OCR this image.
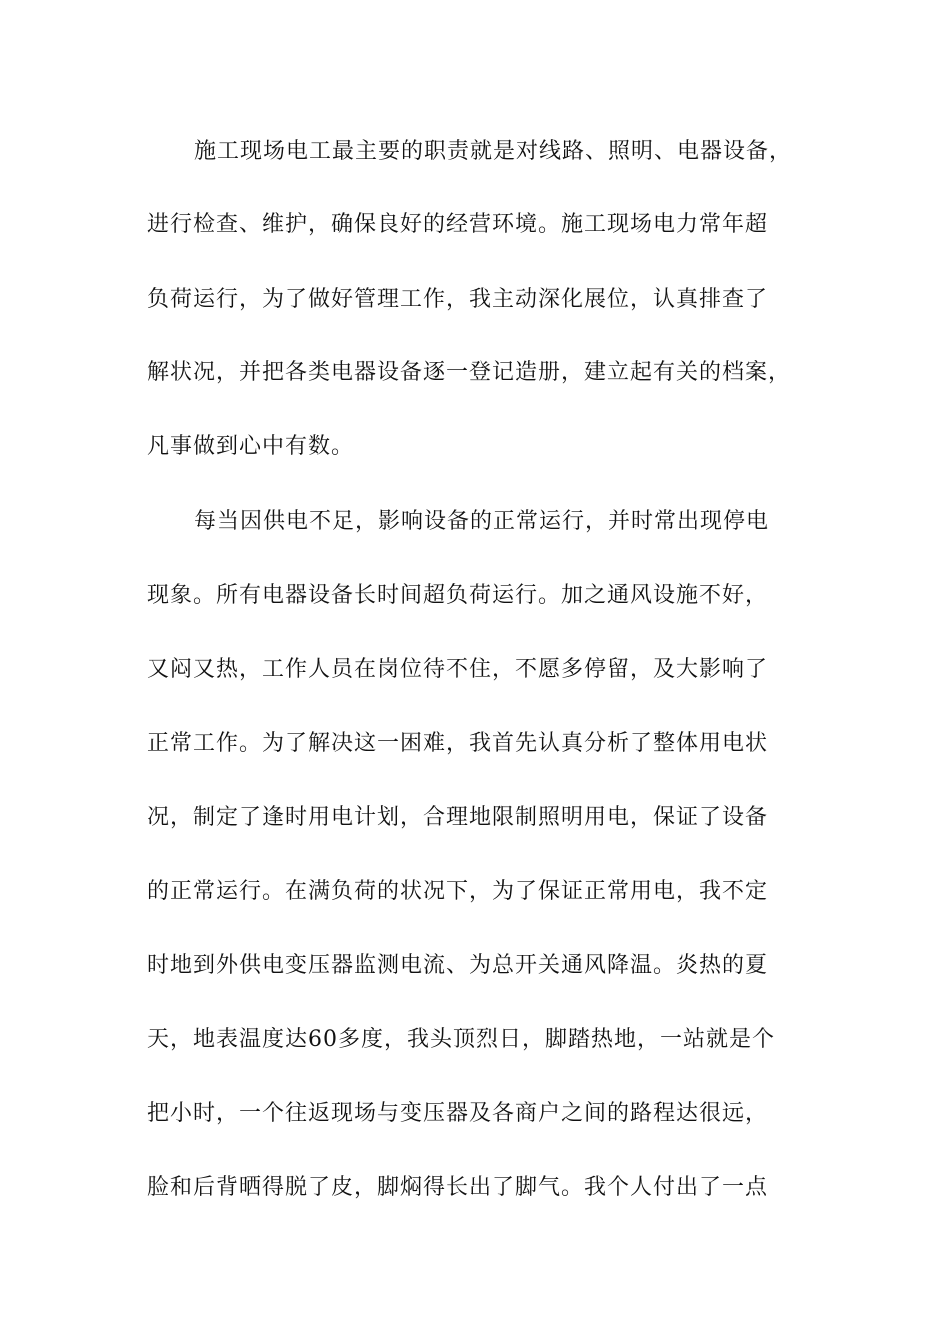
施工现场电工最主要的职责就是对线路、照明、电器设备，
进行检查、维护，确保良好的经营环境。施工现场电力常年超
负荷运行，为了做好管理工作，我主动深化展位，认真排查了
解状况，并把各类电器设备逐一登记造册，建立起有关的档案，
凡事做到心中有数。
每当因供电不足，影响设备的正常运行，并时常出现停电
现象。所有电器设备长时间超负荷运行。加之通风设施不好，
又闷又热，工作人员在岗位待不住，不愿多停留，及大影响了
正常工作。为了解决这一困难，我首先认真分析了整体用电状
况，制定了逢时用电计划，合理地限制照明用电，保证了设备
的正常运行。在满负荷的状况下，为了保证正常用电，我不定
时地到外供电变压器监测电流、为总开关通风降温。炎热的夏
天，地表温度达60多度，我头顶烈日，脚踏热地，一站就是个
把小时，一个往返现场与变压器及各商户之间的路程达很远，
脸和后背晒得脱了皮，脚焖得长出了脚气。我个人付出了一点
